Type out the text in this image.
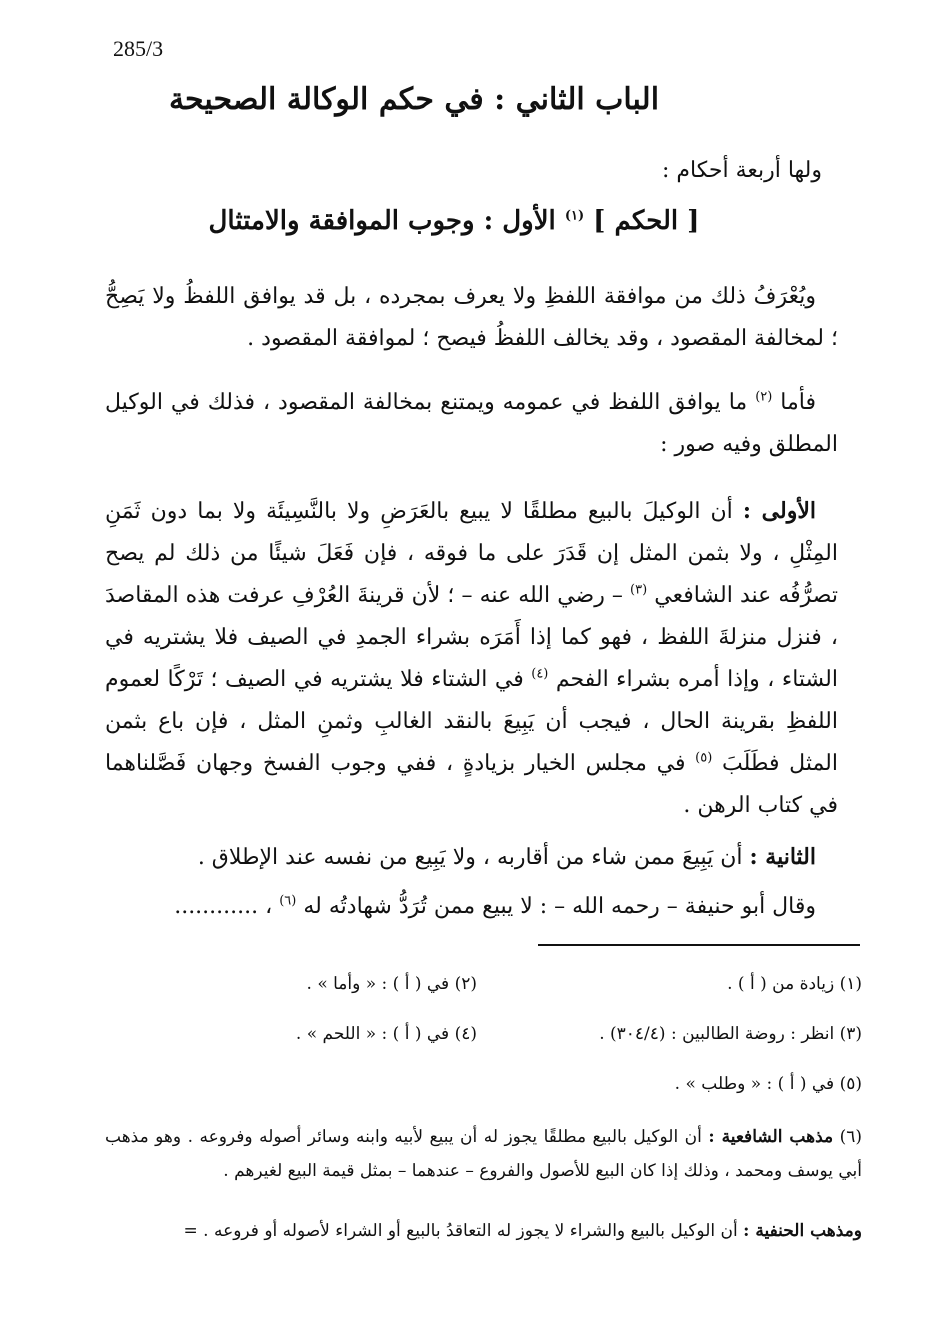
285/3
الباب الثاني : في حكم الوكالة الصحيحة
ولها أربعة أحكام :
[ الحكم ] $^{(١)}$ الأول : وجوب الموافقة والامتثال
ويُعْرَفُ ذلك من موافقة اللفظِ ولا يعرف بمجرده ، بل قد يوافق اللفظُ ولا يَصِحُّ ؛ لمخالفة المقصود ، وقد يخالف اللفظُ فيصح ؛ لموافقة المقصود .
فأما $^{(٢)}$ ما يوافق اللفظ في عمومه ويمتنع بمخالفة المقصود ، فذلك في الوكيل المطلق وفيه صور :
الأولى : أن الوكيلَ بالبيع مطلقًا لا يبيع بالعَرَضِ ولا بالنَّسِيئَة ولا بما دون ثَمَنِ المِثْلِ ، ولا بثمن المثل إن قَدَرَ على ما فوقه ، فإن فَعَلَ شيئًا من ذلك لم يصح تصرُّفُه عند الشافعي $^{(٣)}$ – رضي الله عنه – ؛ لأن قرينةَ العُرْفِ عرفت هذه المقاصدَ ، فنزل منزلةَ اللفظ ، فهو كما إذا أَمَرَه بشراء الجمدِ في الصيف فلا يشتريه في الشتاء ، وإذا أمره بشراء الفحم $^{(٤)}$ في الشتاء فلا يشتريه في الصيف ؛ تَرْكًا لعموم اللفظِ بقرينة الحال ، فيجب أن يَبِيعَ بالنقد الغالبِ وثمنِ المثل ، فإن باع بثمن المثل فطَلَبَ $^{(٥)}$ في مجلس الخيار بزيادةٍ ، ففي وجوب الفسخ وجهان فَصَّلناهما في كتاب الرهن .
الثانية : أن يَبِيعَ ممن شاء من أقاربه ، ولا يَبِيع من نفسه عند الإطلاق .
وقال أبو حنيفة – رحمه الله – : لا يبيع ممن تُرَدُّ شهادتُه له $^{(٦)}$ ، ............
(١) زيادة من ( أ ) .
(٢) في ( أ ) : « وأما » .
(٣) انظر : روضة الطالبين : (٣٠٤/٤) .
(٤) في ( أ ) : « اللحم » .
(٥) في ( أ ) : « وطلب » .
(٦) مذهب الشافعية : أن الوكيل بالبيع مطلقًا يجوز له أن يبيع لأبيه وابنه وسائر أصوله وفروعه . وهو مذهب أبي يوسف ومحمد ، وذلك إذا كان البيع للأصول والفروع – عندهما – بمثل قيمة البيع لغيرهم .
ومذهب الحنفية : أن الوكيل بالبيع والشراء لا يجوز له التعاقدُ بالبيع أو الشراء لأصوله أو فروعه . =
